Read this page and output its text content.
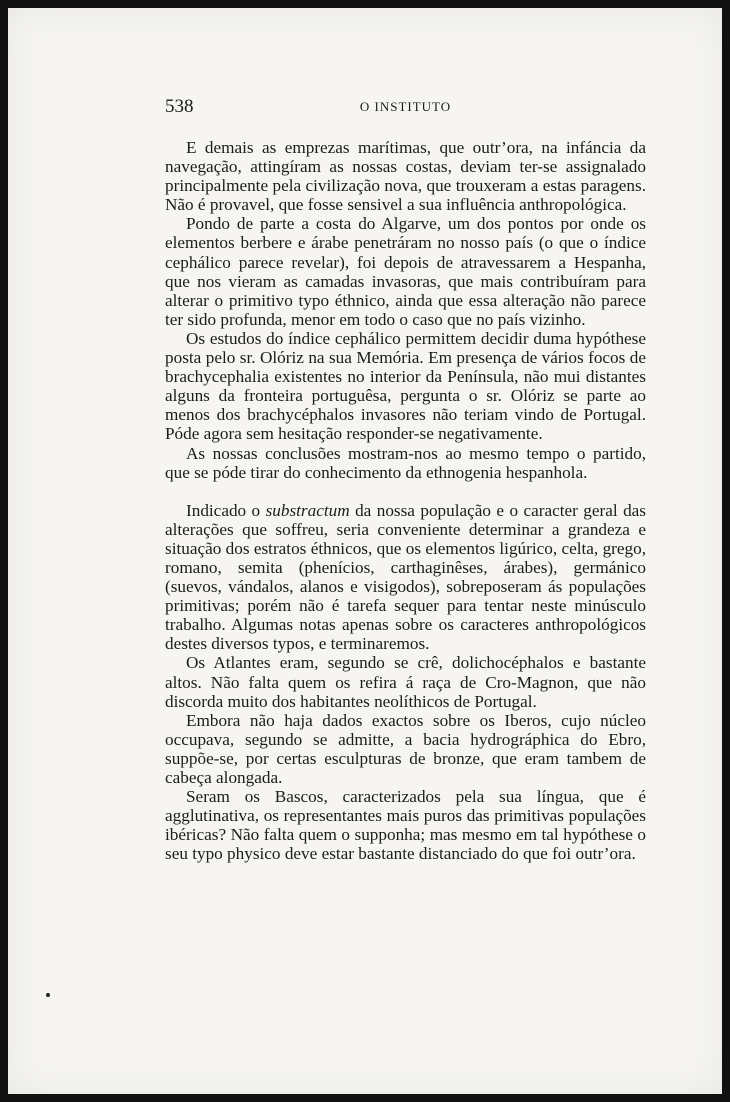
538	O INSTITUTO

E demais as emprezas marítimas, que outr’ora, na infáncia da navegação, attingíram as nossas costas, deviam ter-se assignalado principalmente pela civilização nova, que trouxeram a estas paragens. Não é provavel, que fosse sensivel a sua influência anthropológica.

Pondo de parte a costa do Algarve, um dos pontos por onde os elementos berbere e árabe penetráram no nosso país (o que o índice cephálico parece revelar), foi depois de atravessarem a Hespanha, que nos vieram as camadas invasoras, que mais contribuíram para alterar o primitivo typo éthnico, ainda que essa alteração não parece ter sido profunda, menor em todo o caso que no país vizinho.

Os estudos do índice cephálico permittem decidir duma hypóthese posta pelo sr. Olóriz na sua Memória. Em presença de vários focos de brachycephalia existentes no interior da Península, não mui distantes alguns da fronteira portuguêsa, pergunta o sr. Olóriz se parte ao menos dos brachycéphalos invasores não teriam vindo de Portugal. Póde agora sem hesitação responder-se negativamente.

As nossas conclusões mostram-nos ao mesmo tempo o partido, que se póde tirar do conhecimento da ethnogenia hespanhola.

Indicado o substractum da nossa população e o caracter geral das alterações que soffreu, seria conveniente determinar a grandeza e situação dos estratos éthnicos, que os elementos ligúrico, celta, grego, romano, semita (phenícios, carthaginêses, árabes), germánico (suevos, vándalos, alanos e visigodos), sobreposeram ás populações primitivas; porém não é tarefa sequer para tentar neste minúsculo trabalho. Algumas notas apenas sobre os caracteres anthropológicos destes diversos typos, e terminaremos.

Os Atlantes eram, segundo se crê, dolichocéphalos e bastante altos. Não falta quem os refira á raça de Cro-Magnon, que não discorda muito dos habitantes neolíthicos de Portugal.

Embora não haja dados exactos sobre os Iberos, cujo núcleo occupava, segundo se admitte, a bacia hydrográphica do Ebro, suppõe-se, por certas esculpturas de bronze, que eram tambem de cabeça alongada.

Seram os Bascos, caracterizados pela sua língua, que é agglutinativa, os representantes mais puros das primitivas populações ibéricas? Não falta quem o supponha; mas mesmo em tal hypóthese o seu typo physico deve estar bastante distanciado do que foi outr’ora.
